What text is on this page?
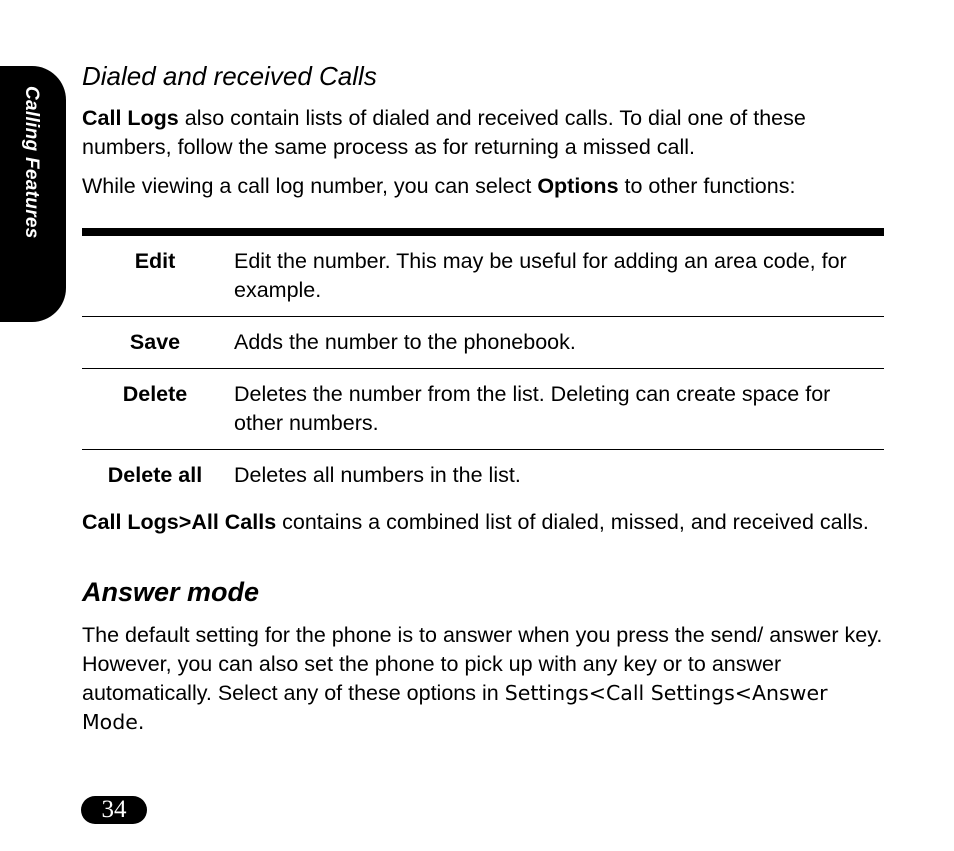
Calling Features
Dialed and received Calls

Call Logs also contain lists of dialed and received calls. To dial one of these numbers, follow the same process as for returning a missed call.

While viewing a call log number, you can select Options to other functions:

Edit	Edit the number. This may be useful for adding an area code, for example.

Save	Adds the number to the phonebook.

Delete	Deletes the number from the list. Deleting can create space for other numbers.

Delete all	Deletes all numbers in the list.

Call Logs>All Calls contains a combined list of dialed, missed, and received calls.

Answer mode

The default setting for the phone is to answer when you press the send/ answer key. However, you can also set the phone to pick up with any key or to answer automatically. Select any of these options in Settings<Call Settings<Answer Mode.

34
